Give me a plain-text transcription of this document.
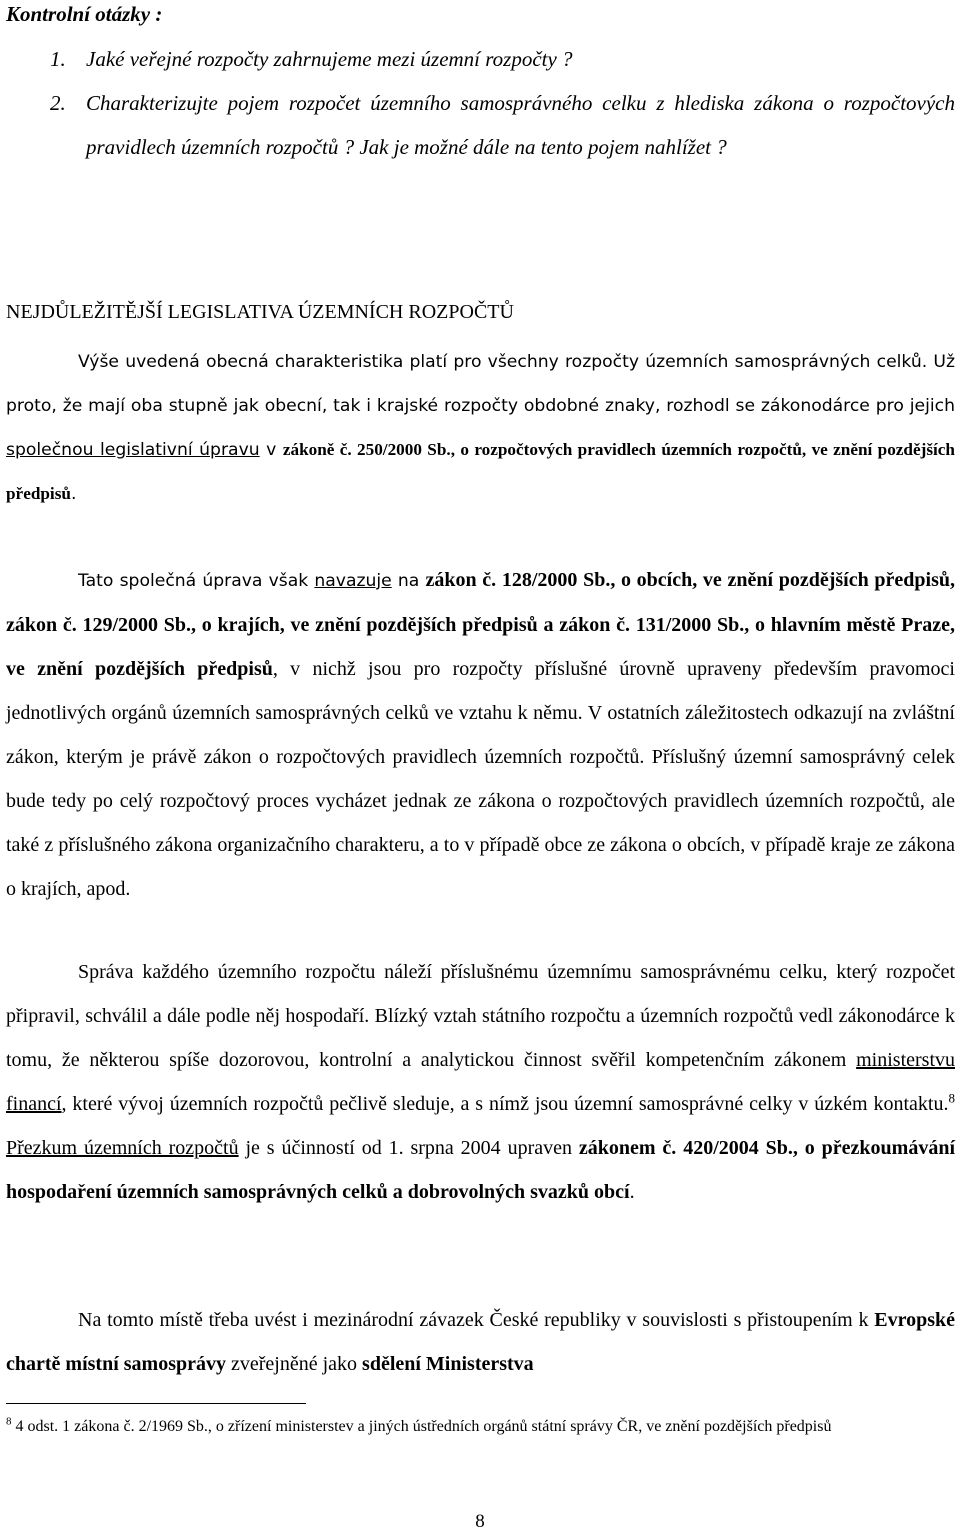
Kontrolní otázky :
1. Jaké veřejné rozpočty zahrnujeme mezi územní rozpočty ?
2. Charakterizujte pojem rozpočet územního samosprávného celku z hlediska zákona o rozpočtových pravidlech územních rozpočtů ? Jak je možné dále na tento pojem nahlížet ?
NEJDŮLEŽITĚJŠÍ LEGISLATIVA ÚZEMNÍCH ROZPOČTŮ

Výše uvedená obecná charakteristika platí pro všechny rozpočty územních samosprávných celků. Už proto, že mají oba stupně jak obecní, tak i krajské rozpočty obdobné znaky, rozhodl se zákonodárce pro jejich společnou legislativní úpravu v zákoně č. 250/2000 Sb., o rozpočtových pravidlech územních rozpočtů, ve znění pozdějších předpisů.

Tato společná úprava však navazuje na zákon č. 128/2000 Sb., o obcích, ve znění pozdějších předpisů, zákon č. 129/2000 Sb., o krajích, ve znění pozdějších předpisů a zákon č. 131/2000 Sb., o hlavním městě Praze, ve znění pozdějších předpisů, v nichž jsou pro rozpočty příslušné úrovně upraveny především pravomoci jednotlivých orgánů územních samosprávných celků ve vztahu k němu. V ostatních záležitostech odkazují na zvláštní zákon, kterým je právě zákon o rozpočtových pravidlech územních rozpočtů. Příslušný územní samosprávný celek bude tedy po celý rozpočtový proces vycházet jednak ze zákona o rozpočtových pravidlech územních rozpočtů, ale také z příslušného zákona organizačního charakteru, a to v případě obce ze zákona o obcích, v případě kraje ze zákona o krajích, apod.

Správa každého územního rozpočtu náleží příslušnému územnímu samosprávnému celku, který rozpočet připravil, schválil a dále podle něj hospodaří. Blízký vztah státního rozpočtu a územních rozpočtů vedl zákonodárce k tomu, že některou spíše dozorovou, kontrolní a analytickou činnost svěřil kompetenčním zákonem ministerstvu financí, které vývoj územních rozpočtů pečlivě sleduje, a s nímž jsou územní samosprávné celky v úzkém kontaktu.$^8$ Přezkum územních rozpočtů je s účinností od 1. srpna 2004 upraven zákonem č. 420/2004 Sb., o přezkoumávání hospodaření územních samosprávných celků a dobrovolných svazků obcí.

Na tomto místě třeba uvést i mezinárodní závazek České republiky v souvislosti s přistoupením k Evropské chartě místní samosprávy zveřejněné jako sdělení Ministerstva

$^8$ 4 odst. 1 zákona č. 2/1969 Sb., o zřízení ministerstev a jiných ústředních orgánů státní správy ČR, ve znění pozdějších předpisů

8
